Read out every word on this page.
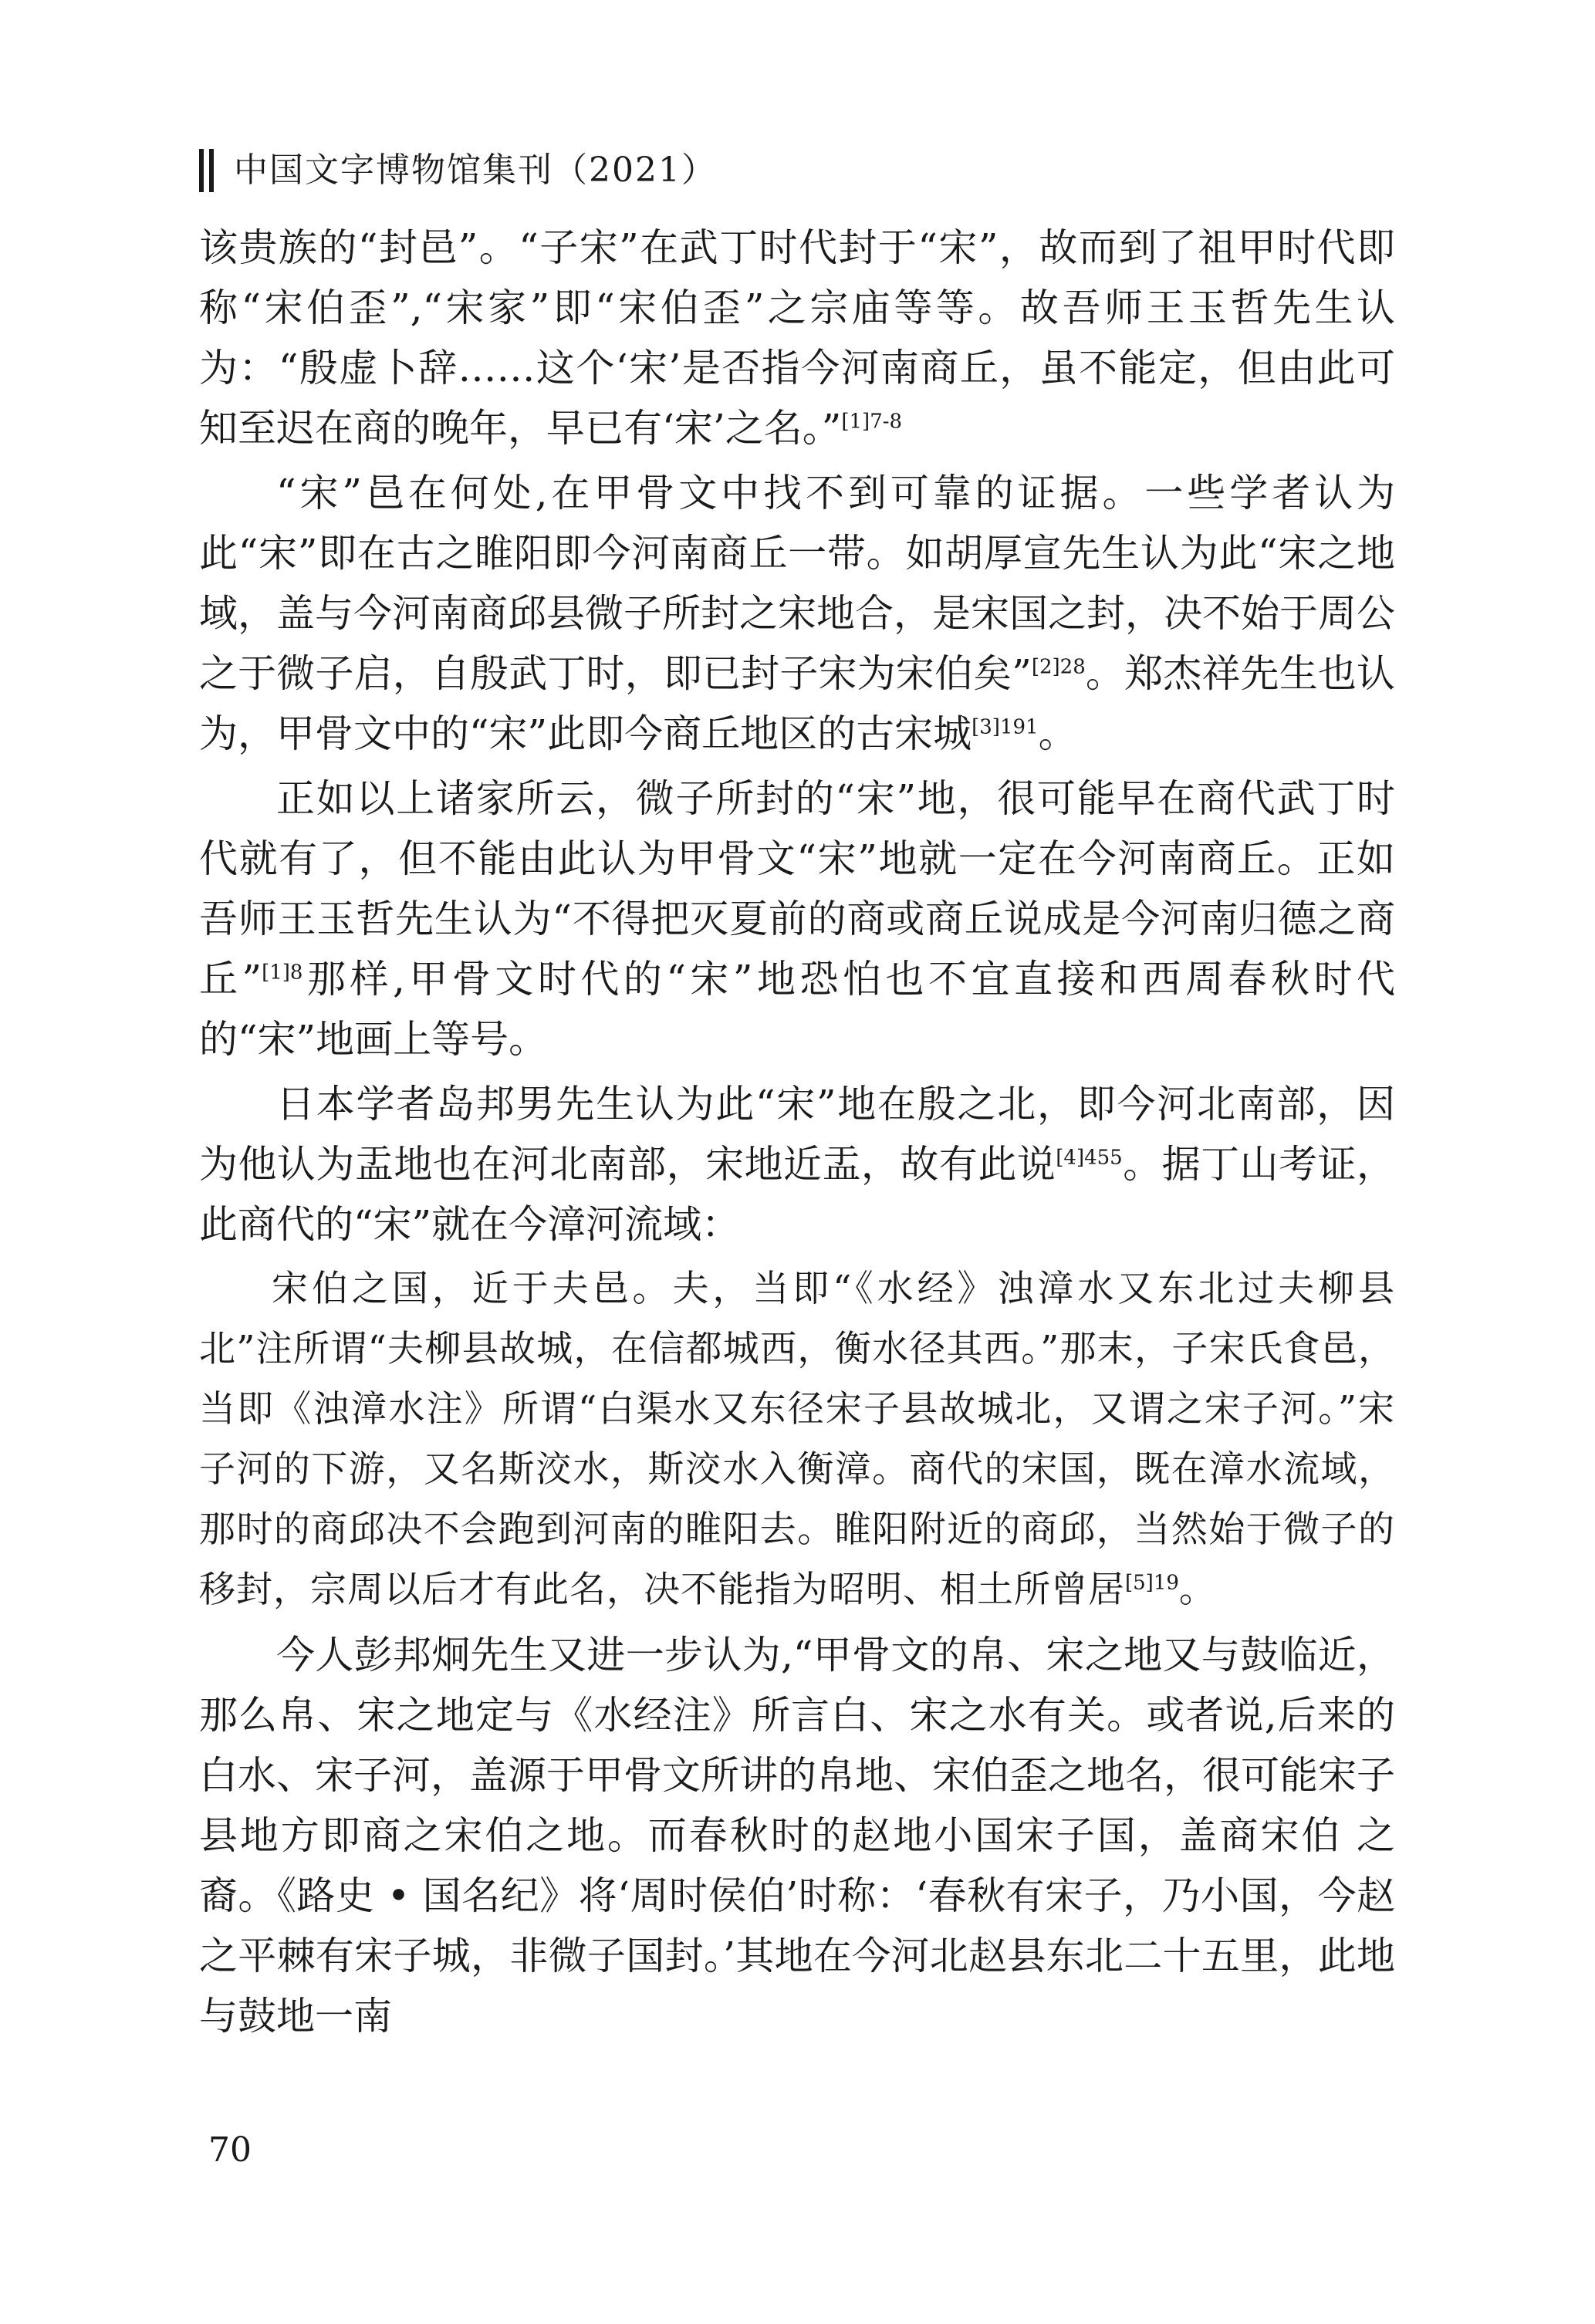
中国文字博物馆集刊（2021）

该贵族的“封邑”。“子宋”在武丁时代封于“宋”，故而到了祖甲时代即称“宋伯歪”,“宋家”即“宋伯歪”之宗庙等等。故吾师王玉哲先生认为：“殷虚卜辞……这个‘宋’是否指今河南商丘，虽不能定，但由此可知至迟在商的晚年，早已有‘宋’之名。”$^{[1]7-8}$

“宋”邑在何处,在甲骨文中找不到可靠的证据。一些学者认为此“宋”即在古之睢阳即今河南商丘一带。如胡厚宣先生认为此“宋之地域，盖与今河南商邱县微子所封之宋地合，是宋国之封，决不始于周公之于微子启，自殷武丁时，即已封子宋为宋伯矣”$^{[2]28}$。郑杰祥先生也认为，甲骨文中的“宋”此即今商丘地区的古宋城$^{[3]191}$。

正如以上诸家所云，微子所封的“宋”地，很可能早在商代武丁时代就有了，但不能由此认为甲骨文“宋”地就一定在今河南商丘。正如吾师王玉哲先生认为“不得把灭夏前的商或商丘说成是今河南归德之商丘”$^{[1]8}$那样,甲骨文时代的“宋”地恐怕也不宜直接和西周春秋时代的“宋”地画上等号。

日本学者岛邦男先生认为此“宋”地在殷之北，即今河北南部，因为他认为盂地也在河北南部，宋地近盂，故有此说$^{[4]455}$。据丁山考证，此商代的“宋”就在今漳河流域：

宋伯之国，近于夫邑。夫，当即“《水经》浊漳水又东北过夫柳县北”注所谓“夫柳县故城，在信都城西，衡水径其西。”那末，子宋氏食邑，当即《浊漳水注》所谓“白渠水又东径宋子县故城北，又谓之宋子河。”宋子河的下游，又名斯洨水，斯洨水入衡漳。商代的宋国，既在漳水流域，那时的商邱决不会跑到河南的睢阳去。睢阳附近的商邱，当然始于微子的移封，宗周以后才有此名，决不能指为昭明、相土所曾居$^{[5]19}$。

今人彭邦炯先生又进一步认为,“甲骨文的帛、宋之地又与鼓临近，那么帛、宋之地定与《水经注》所言白、宋之水有关。或者说,后来的白水、宋子河，盖源于甲骨文所讲的帛地、宋伯歪之地名，很可能宋子县地方即商之宋伯之地。而春秋时的赵地小国宋子国，盖商宋伯 之裔。《路史 • 国名纪》将‘周时侯伯’时称：‘春秋有宋子，乃小国，今赵之平棘有宋子城，非微子国封。’其地在今河北赵县东北二十五里，此地与鼓地一南

70
